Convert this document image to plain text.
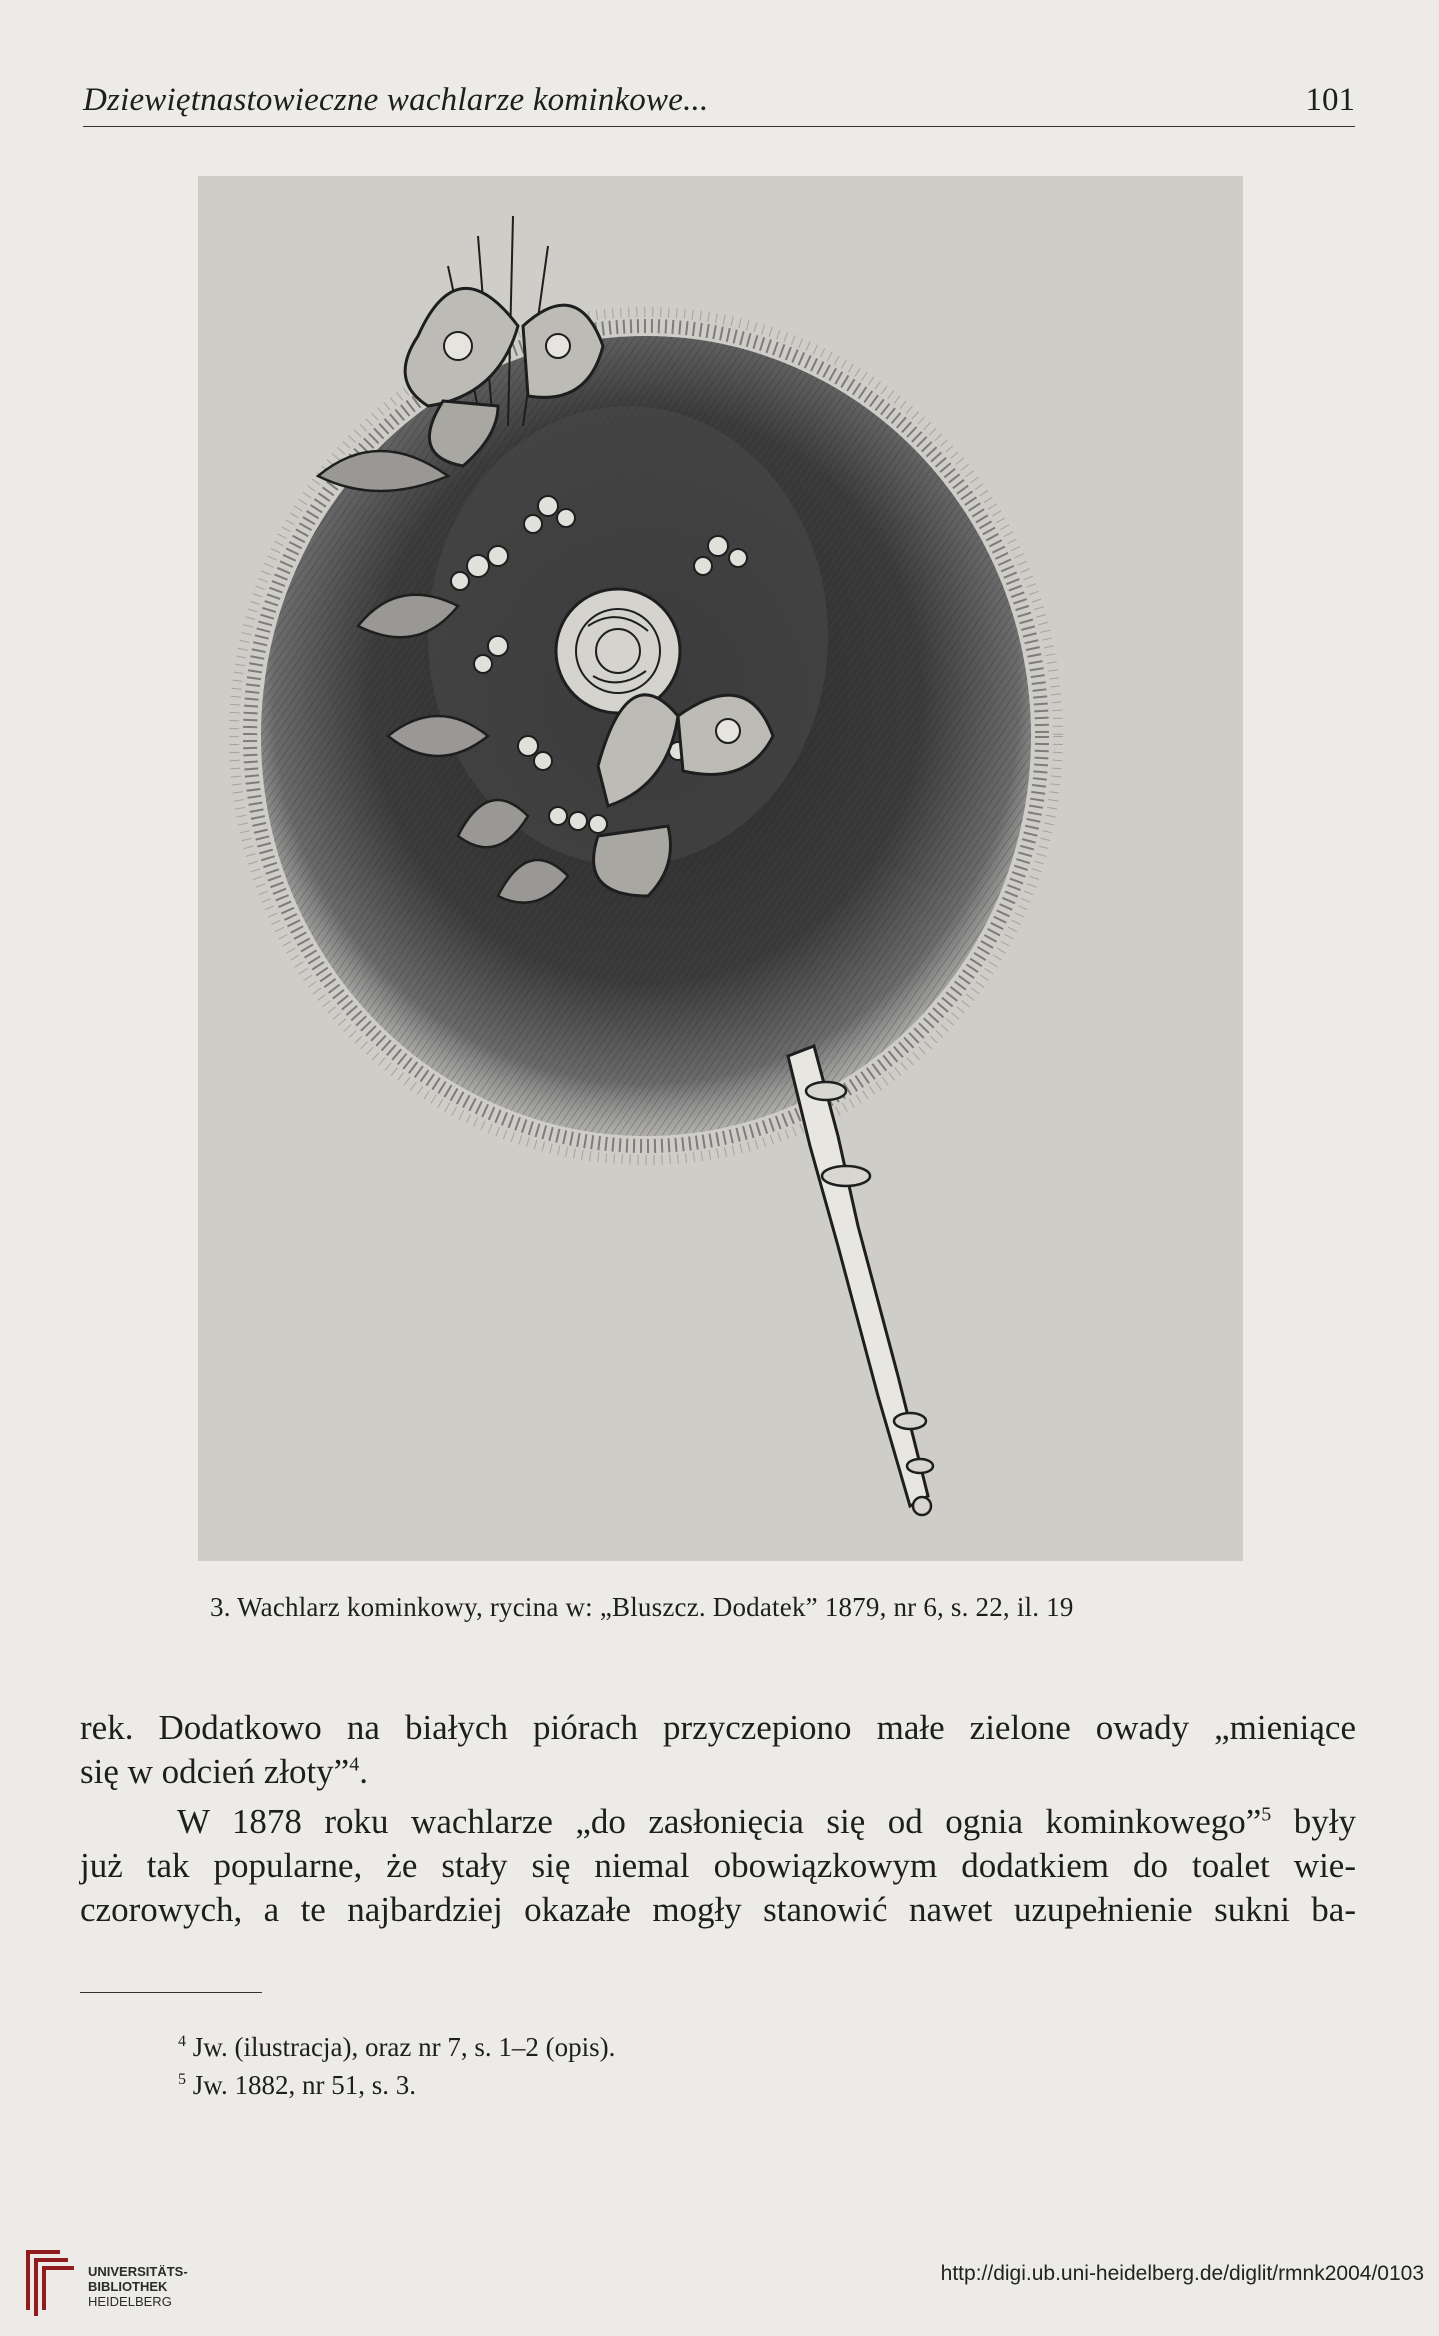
Dziewiętnastowieczne wachlarze kominkowe...	101
3. Wachlarz kominkowy, rycina w: „Bluszcz. Dodatek” 1879, nr 6, s. 22, il. 19

rek. Dodatkowo na białych piórach przyczepiono małe zielone owady „mieniące
się w odcień złoty”$^4$.

W 1878 roku wachlarze „do zasłonięcia się od ognia kominkowego”$^5$ były
już tak popularne, że stały się niemal obowiązkowym dodatkiem do toalet wie-
czorowych, a te najbardziej okazałe mogły stanowić nawet uzupełnienie sukni ba-

$^4$ Jw. (ilustracja), oraz nr 7, s. 1–2 (opis).
$^5$ Jw. 1882, nr 51, s. 3.
UNIVERSITÄTS-
BIBLIOTHEK
HEIDELBERG
http://digi.ub.uni-heidelberg.de/diglit/rmnk2004/0103
